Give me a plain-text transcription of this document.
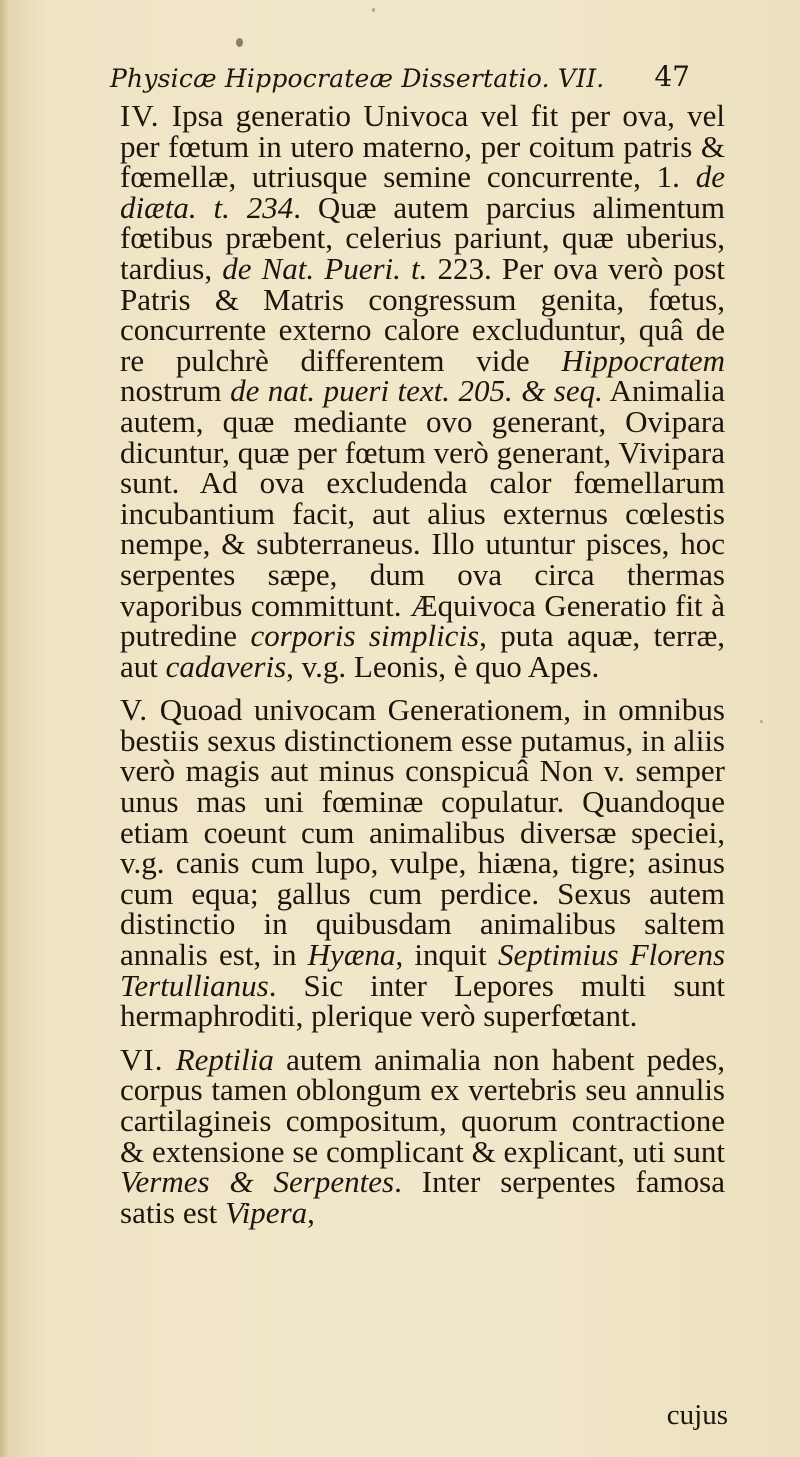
Physicæ Hippocrateæ Dissertatio. VII. 47

IV. Ipsa generatio Univoca vel fit per ova, vel per fœtum in utero materno, per coitum patris & fœmellæ, utriusque semine concurrente, 1. de diæta. t. 234. Quæ autem parcius alimentum fœtibus præbent, celerius pariunt, quæ uberius, tardius, de Nat. Pueri. t. 223. Per ova verò post Patris & Matris congressum genita, fœtus, concurrente externo calore excluduntur, quâ de re pulchrè differentem vide Hippocratem nostrum de nat. pueri text. 205. & seq. Animalia autem, quæ mediante ovo generant, Ovipara dicuntur, quæ per fœtum verò generant, Vivipara sunt. Ad ova excludenda calor fœmellarum incubantium facit, aut alius externus cœlestis nempe, & subterraneus. Illo utuntur pisces, hoc serpentes sæpe, dum ova circa thermas vaporibus committunt. Æquivoca Generatio fit à putredine corporis simplicis, puta aquæ, terræ, aut cadaveris, v.g. Leonis, è quo Apes.

V. Quoad univocam Generationem, in omnibus bestiis sexus distinctionem esse putamus, in aliis verò magis aut minus conspicuâ Non v. semper unus mas uni fœminæ copulatur. Quandoque etiam coeunt cum animalibus diversæ speciei, v.g. canis cum lupo, vulpe, hiæna, tigre; asinus cum equa; gallus cum perdice. Sexus autem distinctio in quibusdam animalibus saltem annalis est, in Hyæna, inquit Septimius Florens Tertullianus. Sic inter Lepores multi sunt hermaphroditi, plerique verò superfœtant.

VI. Reptilia autem animalia non habent pedes, corpus tamen oblongum ex vertebris seu annulis cartilagineis compositum, quorum contractione & extensione se complicant & explicant, uti sunt Vermes & Serpentes. Inter serpentes famosa satis est Vipera,

cujus
